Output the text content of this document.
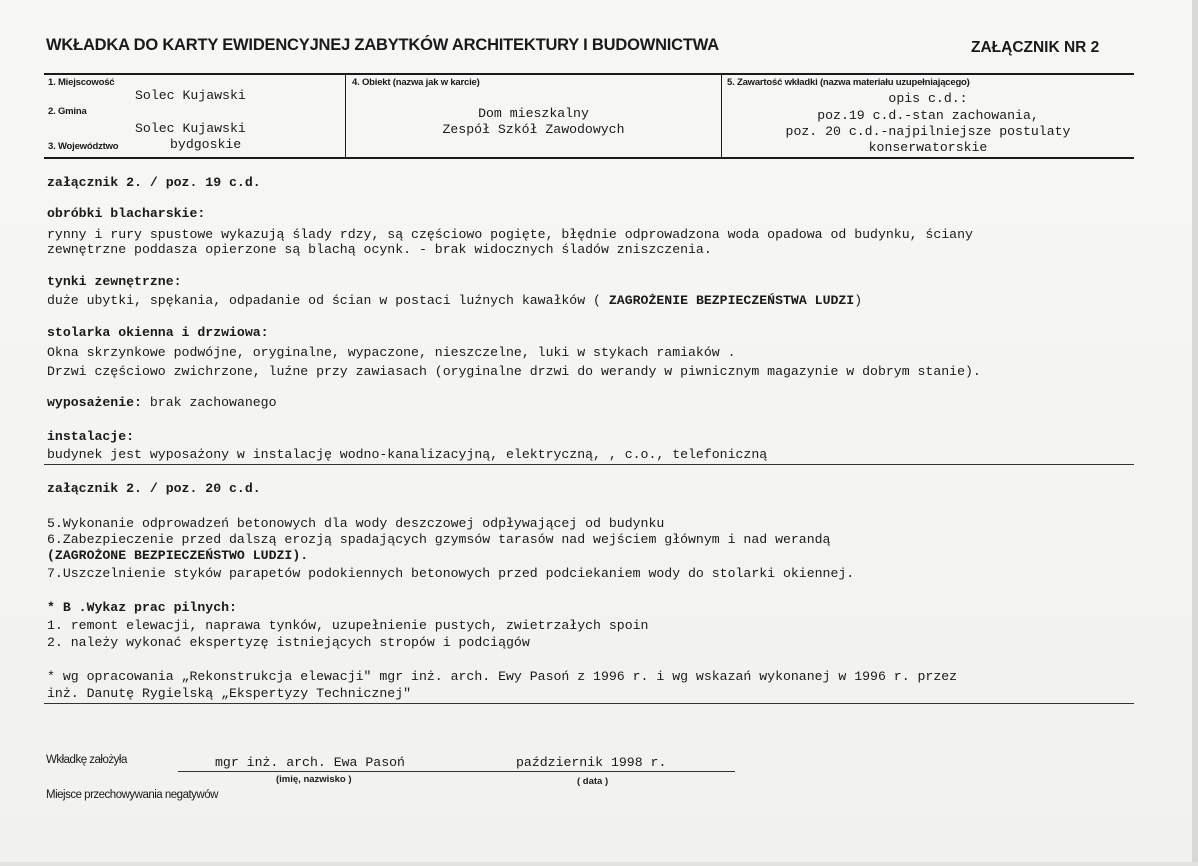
WKŁADKA DO KARTY EWIDENCYJNEJ ZABYTKÓW ARCHITEKTURY I BUDOWNICTWA	ZAŁĄCZNIK NR 2
1. Miejscowość
Solec Kujawski
2. Gmina
Solec Kujawski
3. Województwo	bydgoskie
4. Obiekt (nazwa jak w karcie)
Dom mieszkalny
Zespół Szkół Zawodowych
5. Zawartość wkładki (nazwa materiału uzupełniającego)
opis c.d.:
poz.19 c.d.-stan zachowania,
poz. 20 c.d.-najpilniejsze postulaty
konserwatorskie
załącznik 2. / poz. 19 c.d.
obróbki blacharskie:
rynny i rury spustowe wykazują ślady rdzy, są częściowo pogięte, błędnie odprowadzona woda opadowa od budynku, ściany
zewnętrzne poddasza opierzone są blachą ocynk. - brak widocznych śladów zniszczenia.
tynki zewnętrzne:
duże ubytki, spękania, odpadanie od ścian w postaci luźnych kawałków ( ZAGROŻENIE BEZPIECZEŃSTWA LUDZI)
stolarka okienna i drzwiowa:
Okna skrzynkowe podwójne, oryginalne, wypaczone, nieszczelne, luki w stykach ramiaków .
Drzwi częściowo zwichrzone, luźne przy zawiasach (oryginalne drzwi do werandy w piwnicznym magazynie w dobrym stanie).
wyposażenie: brak zachowanego
instalacje:
budynek jest wyposażony w instalację wodno-kanalizacyjną, elektryczną, , c.o., telefoniczną
załącznik 2. / poz. 20 c.d.
5.Wykonanie odprowadzeń betonowych dla wody deszczowej odpływającej od budynku
6.Zabezpieczenie przed dalszą erozją spadających gzymsów tarasów nad wejściem głównym i nad werandą
(ZAGROŻONE BEZPIECZEŃSTWO LUDZI).
7.Uszczelnienie styków parapetów podokiennych betonowych przed podciekaniem wody do stolarki okiennej.
* B .Wykaz prac pilnych:
1. remont elewacji, naprawa tynków, uzupełnienie pustych, zwietrzałych spoin
2. należy wykonać ekspertyzę istniejących stropów i podciągów
* wg opracowania „Rekonstrukcja elewacji" mgr inż. arch. Ewy Pasoń z 1996 r. i wg wskazań wykonanej w 1996 r. przez
inż. Danutę Rygielską „Ekspertyzy Technicznej"
Wkładkę założyła	mgr inż. arch. Ewa Pasoń	październik 1998 r.
(imię, nazwisko )	( data )
Miejsce przechowywania negatywów
